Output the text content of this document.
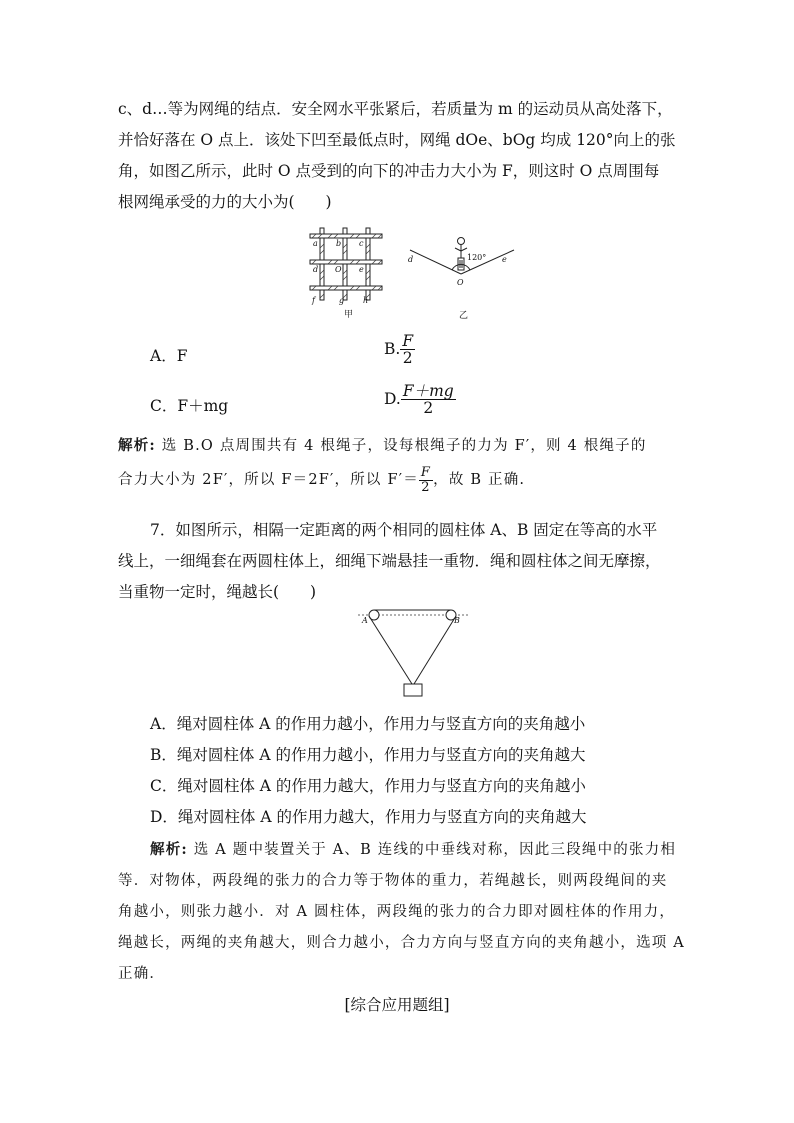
c、d…等为网绳的结点．安全网水平张紧后，若质量为 m 的运动员从高处落下，
并恰好落在 O 点上．该处下凹至最低点时，网绳 dOe、bOg 均成 120°向上的张
角，如图乙所示，此时 O 点受到的向下的冲击力大小为 F，则这时 O 点周围每
根网绳承受的力的大小为(　　)
a b c
d O e
f	g h
甲
d	e
O
120°
乙
A．F	B. $\frac{F}{2}$
C．F＋mg	D. $\frac{F+mg}{2}$
解析: 选 B.O 点周围共有 4 根绳子，设每根绳子的力为 F′，则 4 根绳子的
合力大小为 2F′，所以 F＝2F′，所以 $F'= \frac{F}{2}$ ，故 B 正确.
7．如图所示，相隔一定距离的两个相同的圆柱体 A、B 固定在等高的水平
线上，一细绳套在两圆柱体上，细绳下端悬挂一重物．绳和圆柱体之间无摩擦，
当重物一定时，绳越长(　　)
A	B
A．绳对圆柱体 A 的作用力越小，作用力与竖直方向的夹角越小
B．绳对圆柱体 A 的作用力越小，作用力与竖直方向的夹角越大
C．绳对圆柱体 A 的作用力越大，作用力与竖直方向的夹角越小
D．绳对圆柱体 A 的作用力越大，作用力与竖直方向的夹角越大
解析: 选 A 题中装置关于 A、B 连线的中垂线对称，因此三段绳中的张力相
等．对物体，两段绳的张力的合力等于物体的重力，若绳越长，则两段绳间的夹
角越小，则张力越小．对 A 圆柱体，两段绳的张力的合力即对圆柱体的作用力，
绳越长，两绳的夹角越大，则合力越小，合力方向与竖直方向的夹角越小，选项 A
正确．
[综合应用题组]
